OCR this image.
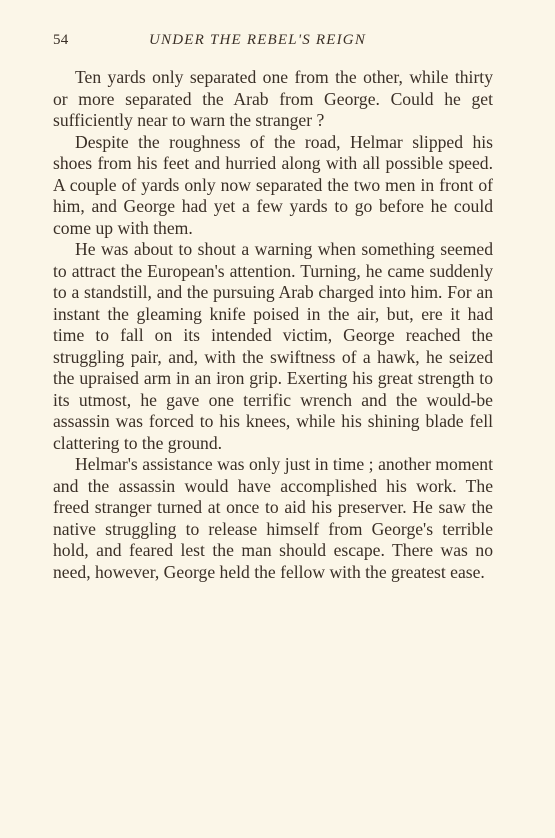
54	UNDER THE REBEL'S REIGN

Ten yards only separated one from the other, while thirty or more separated the Arab from George. Could he get sufficiently near to warn the stranger ?

Despite the roughness of the road, Helmar slipped his shoes from his feet and hurried along with all possible speed. A couple of yards only now separated the two men in front of him, and George had yet a few yards to go before he could come up with them.

He was about to shout a warning when something seemed to attract the European's attention. Turning, he came suddenly to a standstill, and the pursuing Arab charged into him. For an instant the gleaming knife poised in the air, but, ere it had time to fall on its intended victim, George reached the struggling pair, and, with the swiftness of a hawk, he seized the upraised arm in an iron grip. Exerting his great strength to its utmost, he gave one terrific wrench and the would-be assassin was forced to his knees, while his shining blade fell clattering to the ground.

Helmar's assistance was only just in time ; another moment and the assassin would have accomplished his work. The freed stranger turned at once to aid his preserver. He saw the native struggling to release himself from George's terrible hold, and feared lest the man should escape. There was no need, however, George held the fellow with the greatest ease.
